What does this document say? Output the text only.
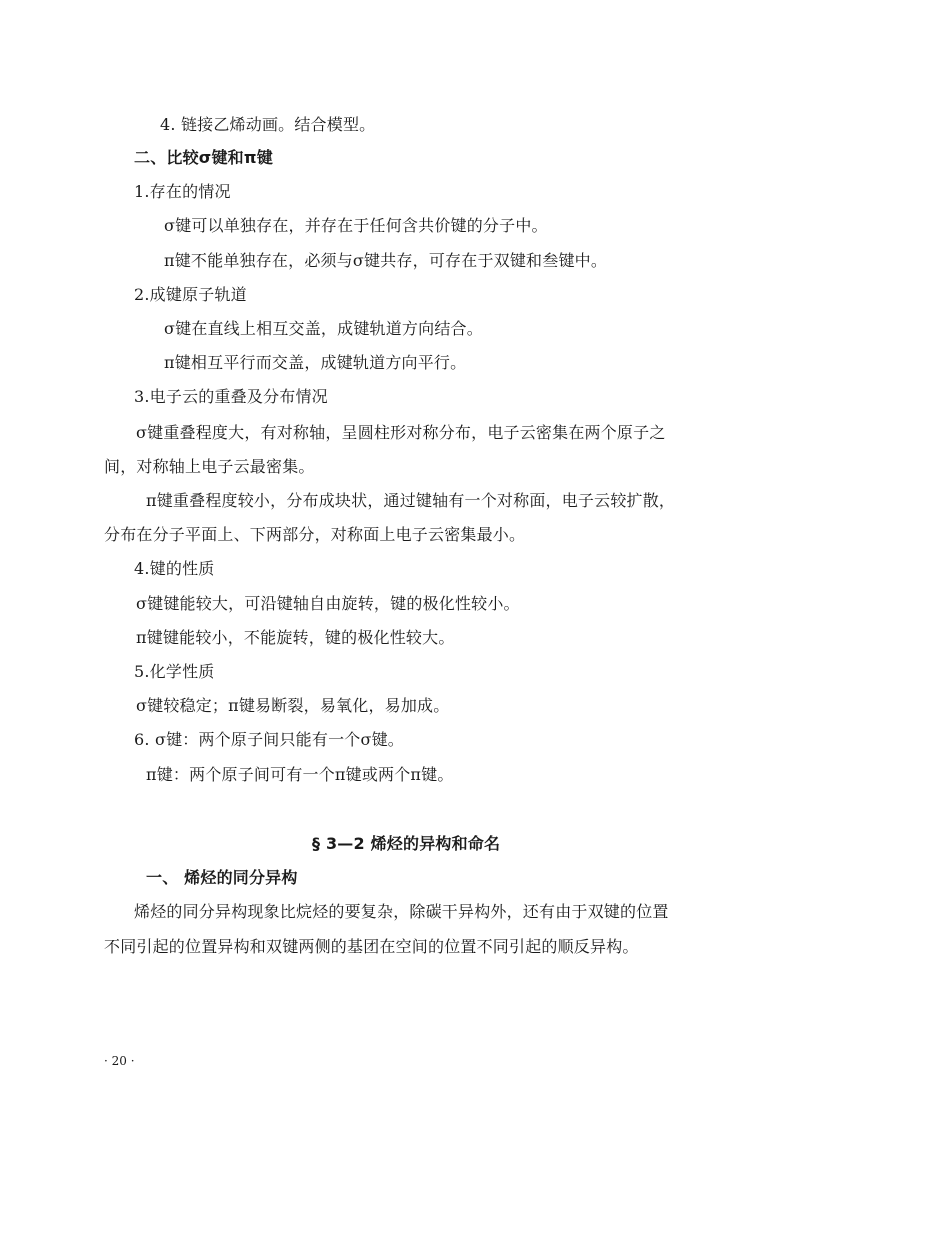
4. 链接乙烯动画。结合模型。
二、比较σ键和π键
1.存在的情况
σ键可以单独存在，并存在于任何含共价键的分子中。
π键不能单独存在，必须与σ键共存，可存在于双键和叁键中。
2.成键原子轨道
σ键在直线上相互交盖，成键轨道方向结合。
π键相互平行而交盖，成键轨道方向平行。
3.电子云的重叠及分布情况
σ键重叠程度大，有对称轴，呈圆柱形对称分布，电子云密集在两个原子之
间，对称轴上电子云最密集。
π键重叠程度较小，分布成块状，通过键轴有一个对称面，电子云较扩散，
分布在分子平面上、下两部分，对称面上电子云密集最小。
4.键的性质
σ键键能较大，可沿键轴自由旋转，键的极化性较小。
π键键能较小，不能旋转，键的极化性较大。
5.化学性质
σ键较稳定；π键易断裂，易氧化，易加成。
6. σ键：两个原子间只能有一个σ键。
π键：两个原子间可有一个π键或两个π键。
§ 3—2 烯烃的异构和命名
一、 烯烃的同分异构
烯烃的同分异构现象比烷烃的要复杂，除碳干异构外，还有由于双键的位置
不同引起的位置异构和双键两侧的基团在空间的位置不同引起的顺反异构。
· 20 ·
